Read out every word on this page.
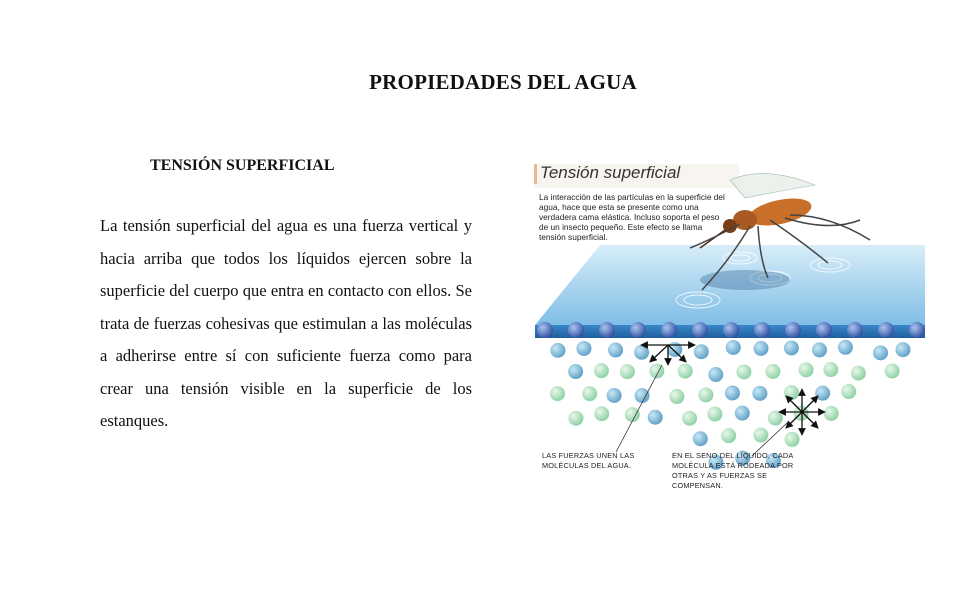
PROPIEDADES DEL AGUA
TENSIÓN SUPERFICIAL

La tensión superficial del agua es una fuerza vertical y hacia arriba que todos los líquidos ejercen sobre la superficie del cuerpo que entra en contacto con ellos. Se trata de fuerzas cohesivas que estimulan a las moléculas a adherirse entre sí con suficiente fuerza como para crear una tensión visible en la superficie de los estanques.

Tensión superficial
La interacción de las partículas en la superficie del agua, hace que esta se presente como una verdadera cama elástica. Incluso soporta el peso de un insecto pequeño. Este efecto se llama tensión superficial.
LAS FUERZAS UNEN LAS MOLÉCULAS DEL AGUA.
EN EL SENO DEL LÍQUIDO, CADA MOLÉCULA ESTÁ RODEADA POR OTRAS Y AS FUERZAS SE COMPENSAN.
